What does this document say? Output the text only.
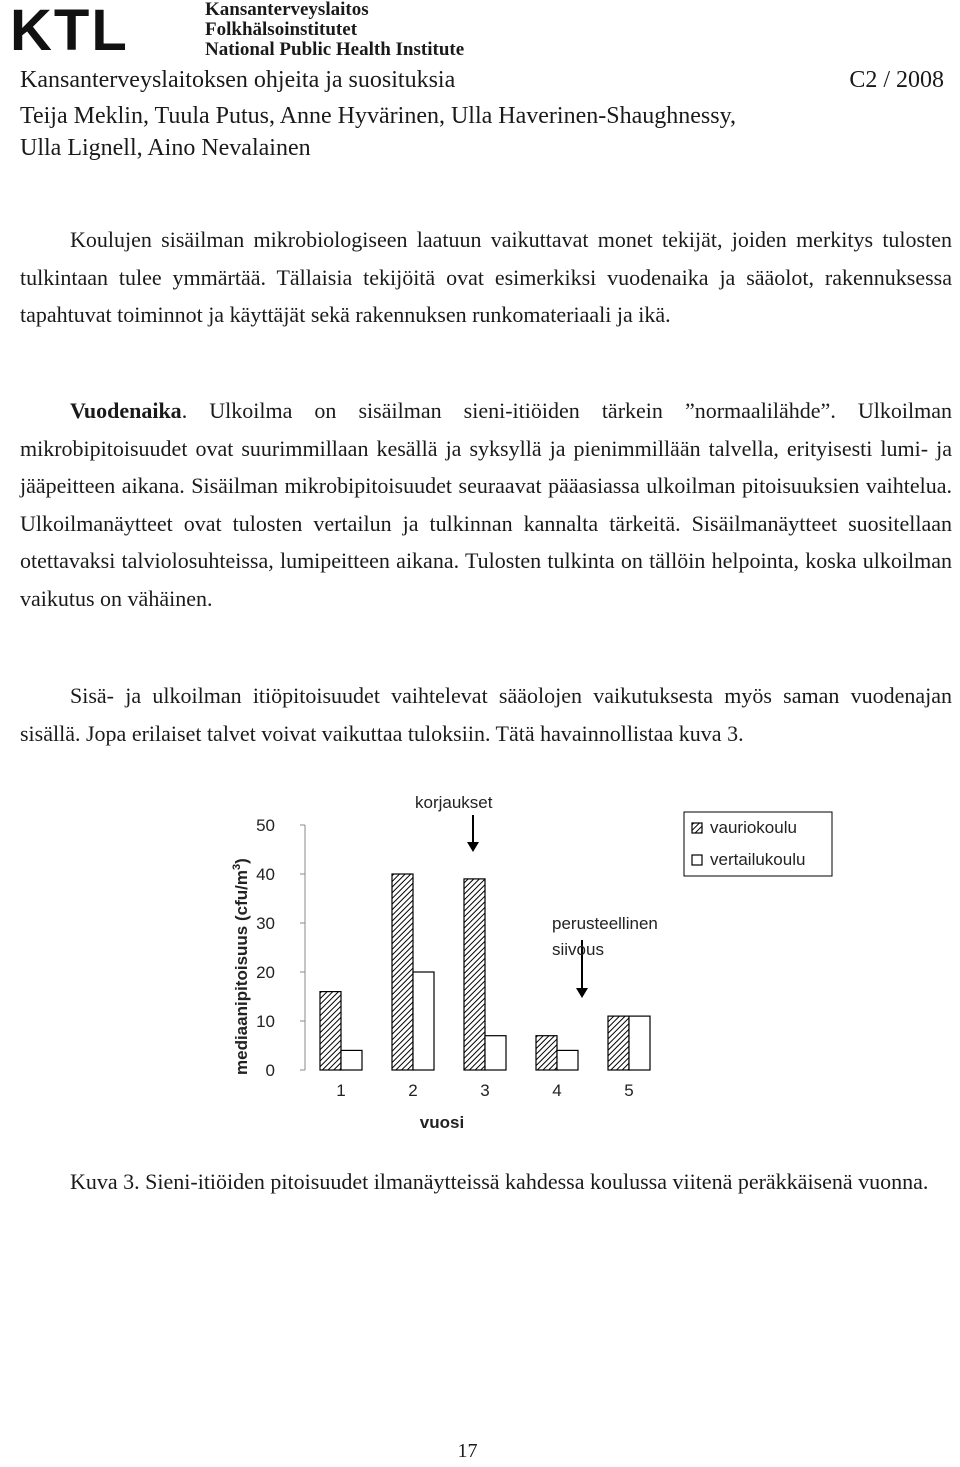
KTL	Kansanterveyslaitos
Folkhälsoinstitutet
National Public Health Institute
Kansanterveyslaitoksen ohjeita ja suosituksia	C2 / 2008
Teija Meklin, Tuula Putus, Anne Hyvärinen, Ulla Haverinen-Shaughnessy,
Ulla Lignell, Aino Nevalainen
Koulujen sisäilman mikrobiologiseen laatuun vaikuttavat monet tekijät, joiden merkitys tulosten tulkintaan tulee ymmärtää. Tällaisia tekijöitä ovat esimerkiksi vuodenaika ja sääolot, rakennuksessa tapahtuvat toiminnot ja käyttäjät sekä rakennuksen runkomateriaali ja ikä.
Vuodenaika. Ulkoilma on sisäilman sieni-itiöiden tärkein ”normaalilähde”. Ulkoilman mikrobipitoisuudet ovat suurimmillaan kesällä ja syksyllä ja pienimmillään talvella, erityisesti lumi- ja jääpeitteen aikana. Sisäilman mikrobipitoisuudet seuraavat pääasiassa ulkoilman pitoisuuksien vaihtelua. Ulkoilmanäytteet ovat tulosten vertailun ja tulkinnan kannalta tärkeitä. Sisäilmanäytteet suositellaan otettavaksi talviolosuhteissa, lumipeitteen aikana. Tulosten tulkinta on tällöin helpointa, koska ulkoilman vaikutus on vähäinen.
Sisä- ja ulkoilman itiöpitoisuudet vaihtelevat sääolojen vaikutuksesta myös saman vuodenajan sisällä. Jopa erilaiset talvet voivat vaikuttaa tuloksiin. Tätä havainnollistaa kuva 3.
0
10
20
30
40
50
mediaanipitoisuus $(cfu/m^3)$
1	2	3	4	5
vuosi
korjaukset
perusteellinen
siivous
vauriokoulu
vertailukoulu
Kuva 3. Sieni-itiöiden pitoisuudet ilmanäytteissä kahdessa koulussa viitenä peräkkäisenä vuonna.
17
